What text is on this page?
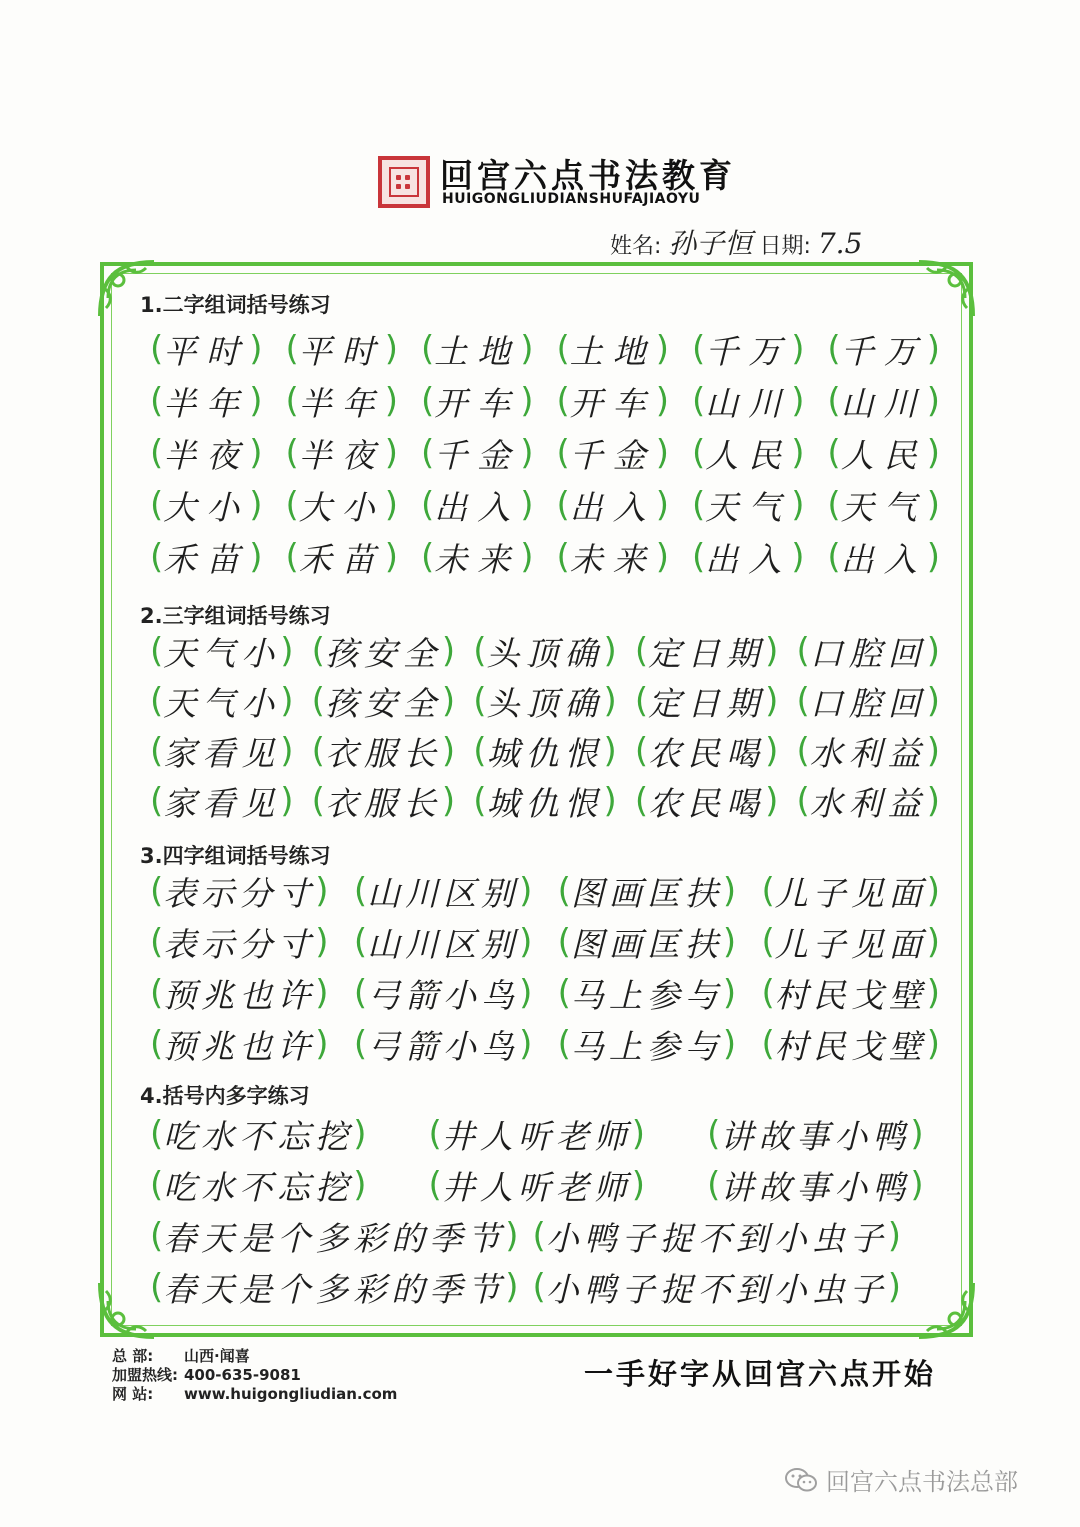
回宫六点书法教育
HUIGONGLIUDIANSHUFAJIAOYU
姓名: 孙子恒 日期: 7.5
1.二字组词括号练习
( 平时 ) ( 平时 ) ( 土地 ) ( 土地 ) ( 千万 ) ( 千万 )
( 半年 ) ( 半年 ) ( 开车 ) ( 开车 ) ( 山川 ) ( 山川 )
( 半夜 ) ( 半夜 ) ( 千金 ) ( 千金 ) ( 人民 ) ( 人民 )
( 大小 ) ( 大小 ) ( 出入 ) ( 出入 ) ( 天气 ) ( 天气 )
( 禾苗 ) ( 禾苗 ) ( 未来 ) ( 未来 ) ( 出入 ) ( 出入 )
2.三字组词括号练习
( 天气小 ) ( 孩安全 ) ( 头顶确 ) ( 定日期 ) ( 口腔回 )
( 天气小 ) ( 孩安全 ) ( 头顶确 ) ( 定日期 ) ( 口腔回 )
( 家看见 ) ( 衣服长 ) ( 城仇恨 ) ( 农民喝 ) ( 水利益 )
( 家看见 ) ( 衣服长 ) ( 城仇恨 ) ( 农民喝 ) ( 水利益 )
3.四字组词括号练习
( 表示分寸 ) ( 山川区别 ) ( 图画匡扶 ) ( 儿子见面 )
( 表示分寸 ) ( 山川区别 ) ( 图画匡扶 ) ( 儿子见面 )
( 预兆也许 ) ( 弓箭小鸟 ) ( 马上参与 ) ( 村民戈壁 )
( 预兆也许 ) ( 弓箭小鸟 ) ( 马上参与 ) ( 村民戈壁 )
4.括号内多字练习
( 吃水不忘挖 ) ( 井人听老师 ) ( 讲故事小鸭 )
( 吃水不忘挖 ) ( 井人听老师 ) ( 讲故事小鸭 )
( 春天是个多彩的季节 ) ( 小鸭子捉不到小虫子 )
( 春天是个多彩的季节 ) ( 小鸭子捉不到小虫子 )
总 部: 山西·闻喜
加盟热线: 400-635-9081
网 站: www.huigongliudian.com
一手好字从回宫六点开始
回宫六点书法总部
